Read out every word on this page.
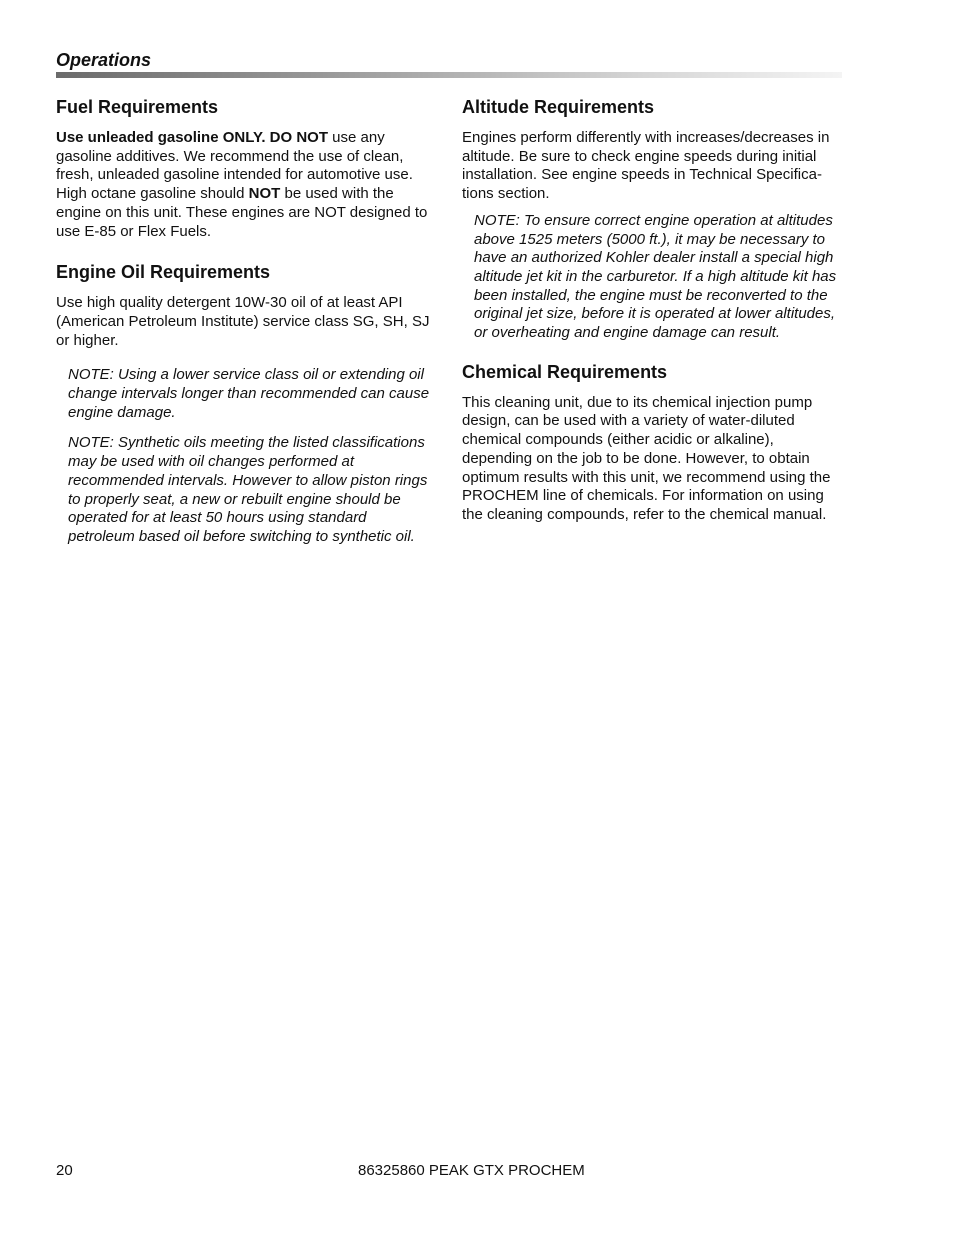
Operations
Fuel Requirements

Use unleaded gasoline ONLY. DO NOT use any gasoline additives. We recommend the use of clean, fresh, unleaded gasoline intended for automotive use. High octane gasoline should NOT be used with the engine on this unit. These engines are NOT designed to use E-85 or Flex Fuels.

Engine Oil Requirements

Use high quality detergent 10W-30 oil of at least API (American Petroleum Institute) service class SG, SH, SJ or higher.

NOTE: Using a lower service class oil or extending oil change intervals longer than recommended can cause engine damage.

NOTE: Synthetic oils meeting the listed classifications may be used with oil changes performed at recommended intervals. However to allow piston rings to properly seat, a new or rebuilt engine should be operated for at least 50 hours using standard petroleum based oil before switching to synthetic oil.

Altitude Requirements

Engines perform differently with increases/decreases in altitude. Be sure to check engine speeds during initial installation. See engine speeds in Technical Specifica-tions section.

NOTE: To ensure correct engine operation at altitudes above 1525 meters (5000 ft.), it may be necessary to have an authorized Kohler dealer install a special high altitude jet kit in the carburetor. If a high altitude kit has been installed, the engine must be reconverted to the original jet size, before it is operated at lower altitudes, or overheating and engine damage can result.

Chemical Requirements

This cleaning unit, due to its chemical injection pump design, can be used with a variety of water-diluted chemical compounds (either acidic or alkaline), depending on the job to be done. However, to obtain optimum results with this unit, we recommend using the PROCHEM line of chemicals. For information on using the cleaning compounds, refer to the chemical manual.

20	86325860 PEAK GTX PROCHEM
